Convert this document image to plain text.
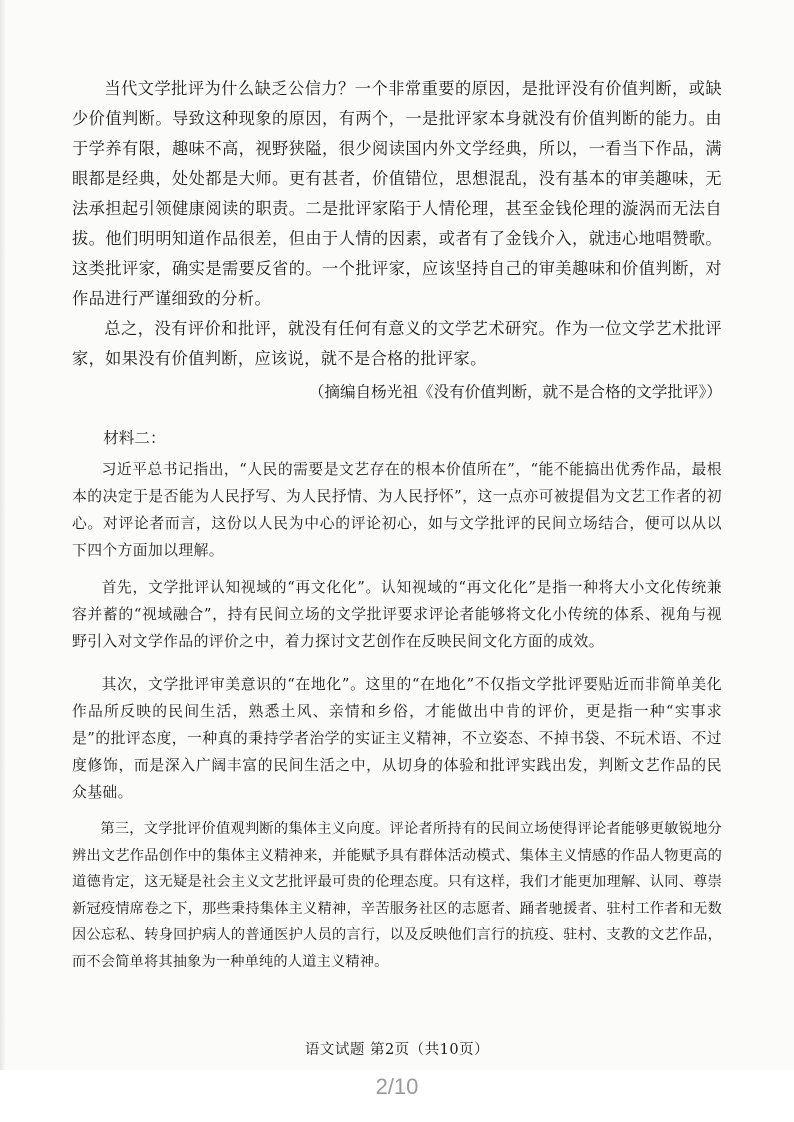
当代文学批评为什么缺乏公信力？一个非常重要的原因，是批评没有价值判断，或缺少价值判断。导致这种现象的原因，有两个，一是批评家本身就没有价值判断的能力。由于学养有限，趣味不高，视野狭隘，很少阅读国内外文学经典，所以，一看当下作品，满眼都是经典，处处都是大师。更有甚者，价值错位，思想混乱，没有基本的审美趣味，无法承担起引领健康阅读的职责。二是批评家陷于人情伦理，甚至金钱伦理的漩涡而无法自拔。他们明明知道作品很差，但由于人情的因素，或者有了金钱介入，就违心地唱赞歌。这类批评家，确实是需要反省的。一个批评家，应该坚持自己的审美趣味和价值判断，对作品进行严谨细致的分析。

总之，没有评价和批评，就没有任何有意义的文学艺术研究。作为一位文学艺术批评家，如果没有价值判断，应该说，就不是合格的批评家。

（摘编自杨光祖《没有价值判断，就不是合格的文学批评》）

材料二：

习近平总书记指出，“人民的需要是文艺存在的根本价值所在”，“能不能搞出优秀作品，最根本的决定于是否能为人民抒写、为人民抒情、为人民抒怀”，这一点亦可被提倡为文艺工作者的初心。对评论者而言，这份以人民为中心的评论初心，如与文学批评的民间立场结合，便可以从以下四个方面加以理解。

首先，文学批评认知视域的“再文化化”。认知视域的“再文化化”是指一种将大小文化传统兼容并蓄的“视域融合”，持有民间立场的文学批评要求评论者能够将文化小传统的体系、视角与视野引入对文学作品的评价之中，着力探讨文艺创作在反映民间文化方面的成效。

其次，文学批评审美意识的“在地化”。这里的“在地化”不仅指文学批评要贴近而非简单美化作品所反映的民间生活，熟悉土风、亲情和乡俗，才能做出中肯的评价，更是指一种“实事求是”的批评态度，一种真的秉持学者治学的实证主义精神，不立姿态、不掉书袋、不玩术语、不过度修饰，而是深入广阔丰富的民间生活之中，从切身的体验和批评实践出发，判断文艺作品的民众基础。

第三，文学批评价值观判断的集体主义向度。评论者所持有的民间立场使得评论者能够更敏锐地分辨出文艺作品创作中的集体主义精神来，并能赋予具有群体活动模式、集体主义情感的作品人物更高的道德肯定，这无疑是社会主义文艺批评最可贵的伦理态度。只有这样，我们才能更加理解、认同、尊崇新冠疫情席卷之下，那些秉持集体主义精神，辛苦服务社区的志愿者、踊者驰援者、驻村工作者和无数因公忘私、转身回护病人的普通医护人员的言行，以及反映他们言行的抗疫、驻村、支教的文艺作品，而不会简单将其抽象为一种单纯的人道主义精神。

语文试题 第2页（共10页）
2/10
